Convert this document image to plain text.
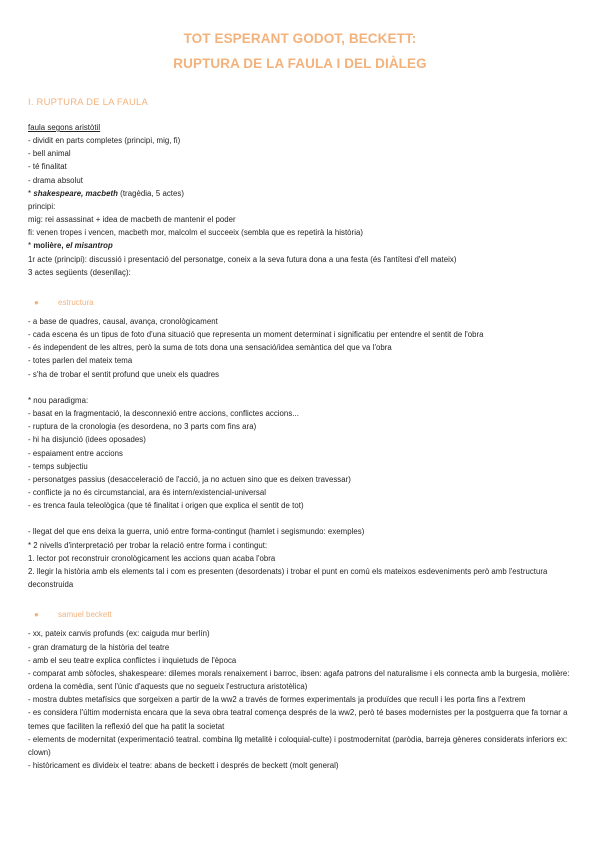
TOT ESPERANT GODOT, BECKETT:
RUPTURA DE LA FAULA I DEL DIÀLEG
I. RUPTURA DE LA FAULA
faula segons aristòtil
- dividit en parts completes (principi, mig, fi)
- bell animal
- té finalitat
- drama absolut
* shakespeare, macbeth (tragèdia, 5 actes)
principi:
mig: rei assassinat + idea de macbeth de mantenir el poder
fi: venen tropes i vencen, macbeth mor, malcolm el succeeix (sembla que es repetirà la història)
* molière, el misantrop
1r acte (principi): discussió i presentació del personatge, coneix a la seva futura dona a una festa (és l'antítesi d'ell mateix)
3 actes següents (desenllaç):
● estructura
- a base de quadres, causal, avança, cronològicament
- cada escena és un tipus de foto d'una situació que representa un moment determinat i significatiu per entendre el sentit de l'obra
- és independent de les altres, però la suma de tots dona una sensació/idea semàntica del que va l'obra
- totes parlen del mateix tema
- s'ha de trobar el sentit profund que uneix els quadres
* nou paradigma:
- basat en la fragmentació, la desconnexió entre accions, conflictes accions...
- ruptura de la cronologia (es desordena, no 3 parts com fins ara)
- hi ha disjunció (idees oposades)
- espaiament entre accions
- temps subjectiu
- personatges passius (desacceleració de l'acció, ja no actuen sino que es deixen travessar)
- conflicte ja no és circumstancial, ara és intern/existencial-universal
- es trenca faula teleològica (que té finalitat i origen que explica el sentit de tot)
- llegat del que ens deixa la guerra, unió entre forma-contingut (hamlet i segismundo: exemples)
* 2 nivells d'interpretació per trobar la relació entre forma i contingut:
1. lector pot reconstruir cronològicament les accions quan acaba l'obra
2. llegir la història amb els elements tal i com es presenten (desordenats) i trobar el punt en comú els mateixos esdeveniments però amb l'estructura deconstruida
● samuel beckett
- xx, pateix canvis profunds (ex: caiguda mur berlín)
- gran dramaturg de la història del teatre
- amb el seu teatre explica conflictes i inquietuds de l'època
- comparat amb sòfocles, shakespeare: dilemes morals renaixement i barroc, ibsen: agafa patrons del naturalisme i els connecta amb la burgesia, molière: ordena la comèdia, sent l'únic d'aquests que no segueix l'estructura aristotèlica)
- mostra dubtes metafísics que sorgeixen a partir de la ww2 a través de formes experimentals ja produïdes que recull i les porta fins a l'extrem
- es considera l'últim modernista encara que la seva obra teatral comença després de la ww2, però té bases modernistes per la postguerra que fa tornar a temes que faciliten la reflexió del que ha patit la societat
- elements de modernitat (experimentació teatral. combina llg metalitè i coloquial-culte) i postmodernitat (paròdia, barreja gèneres considerats inferiors ex: clown)
- històricament es divideix el teatre: abans de beckett i després de beckett (molt general)
